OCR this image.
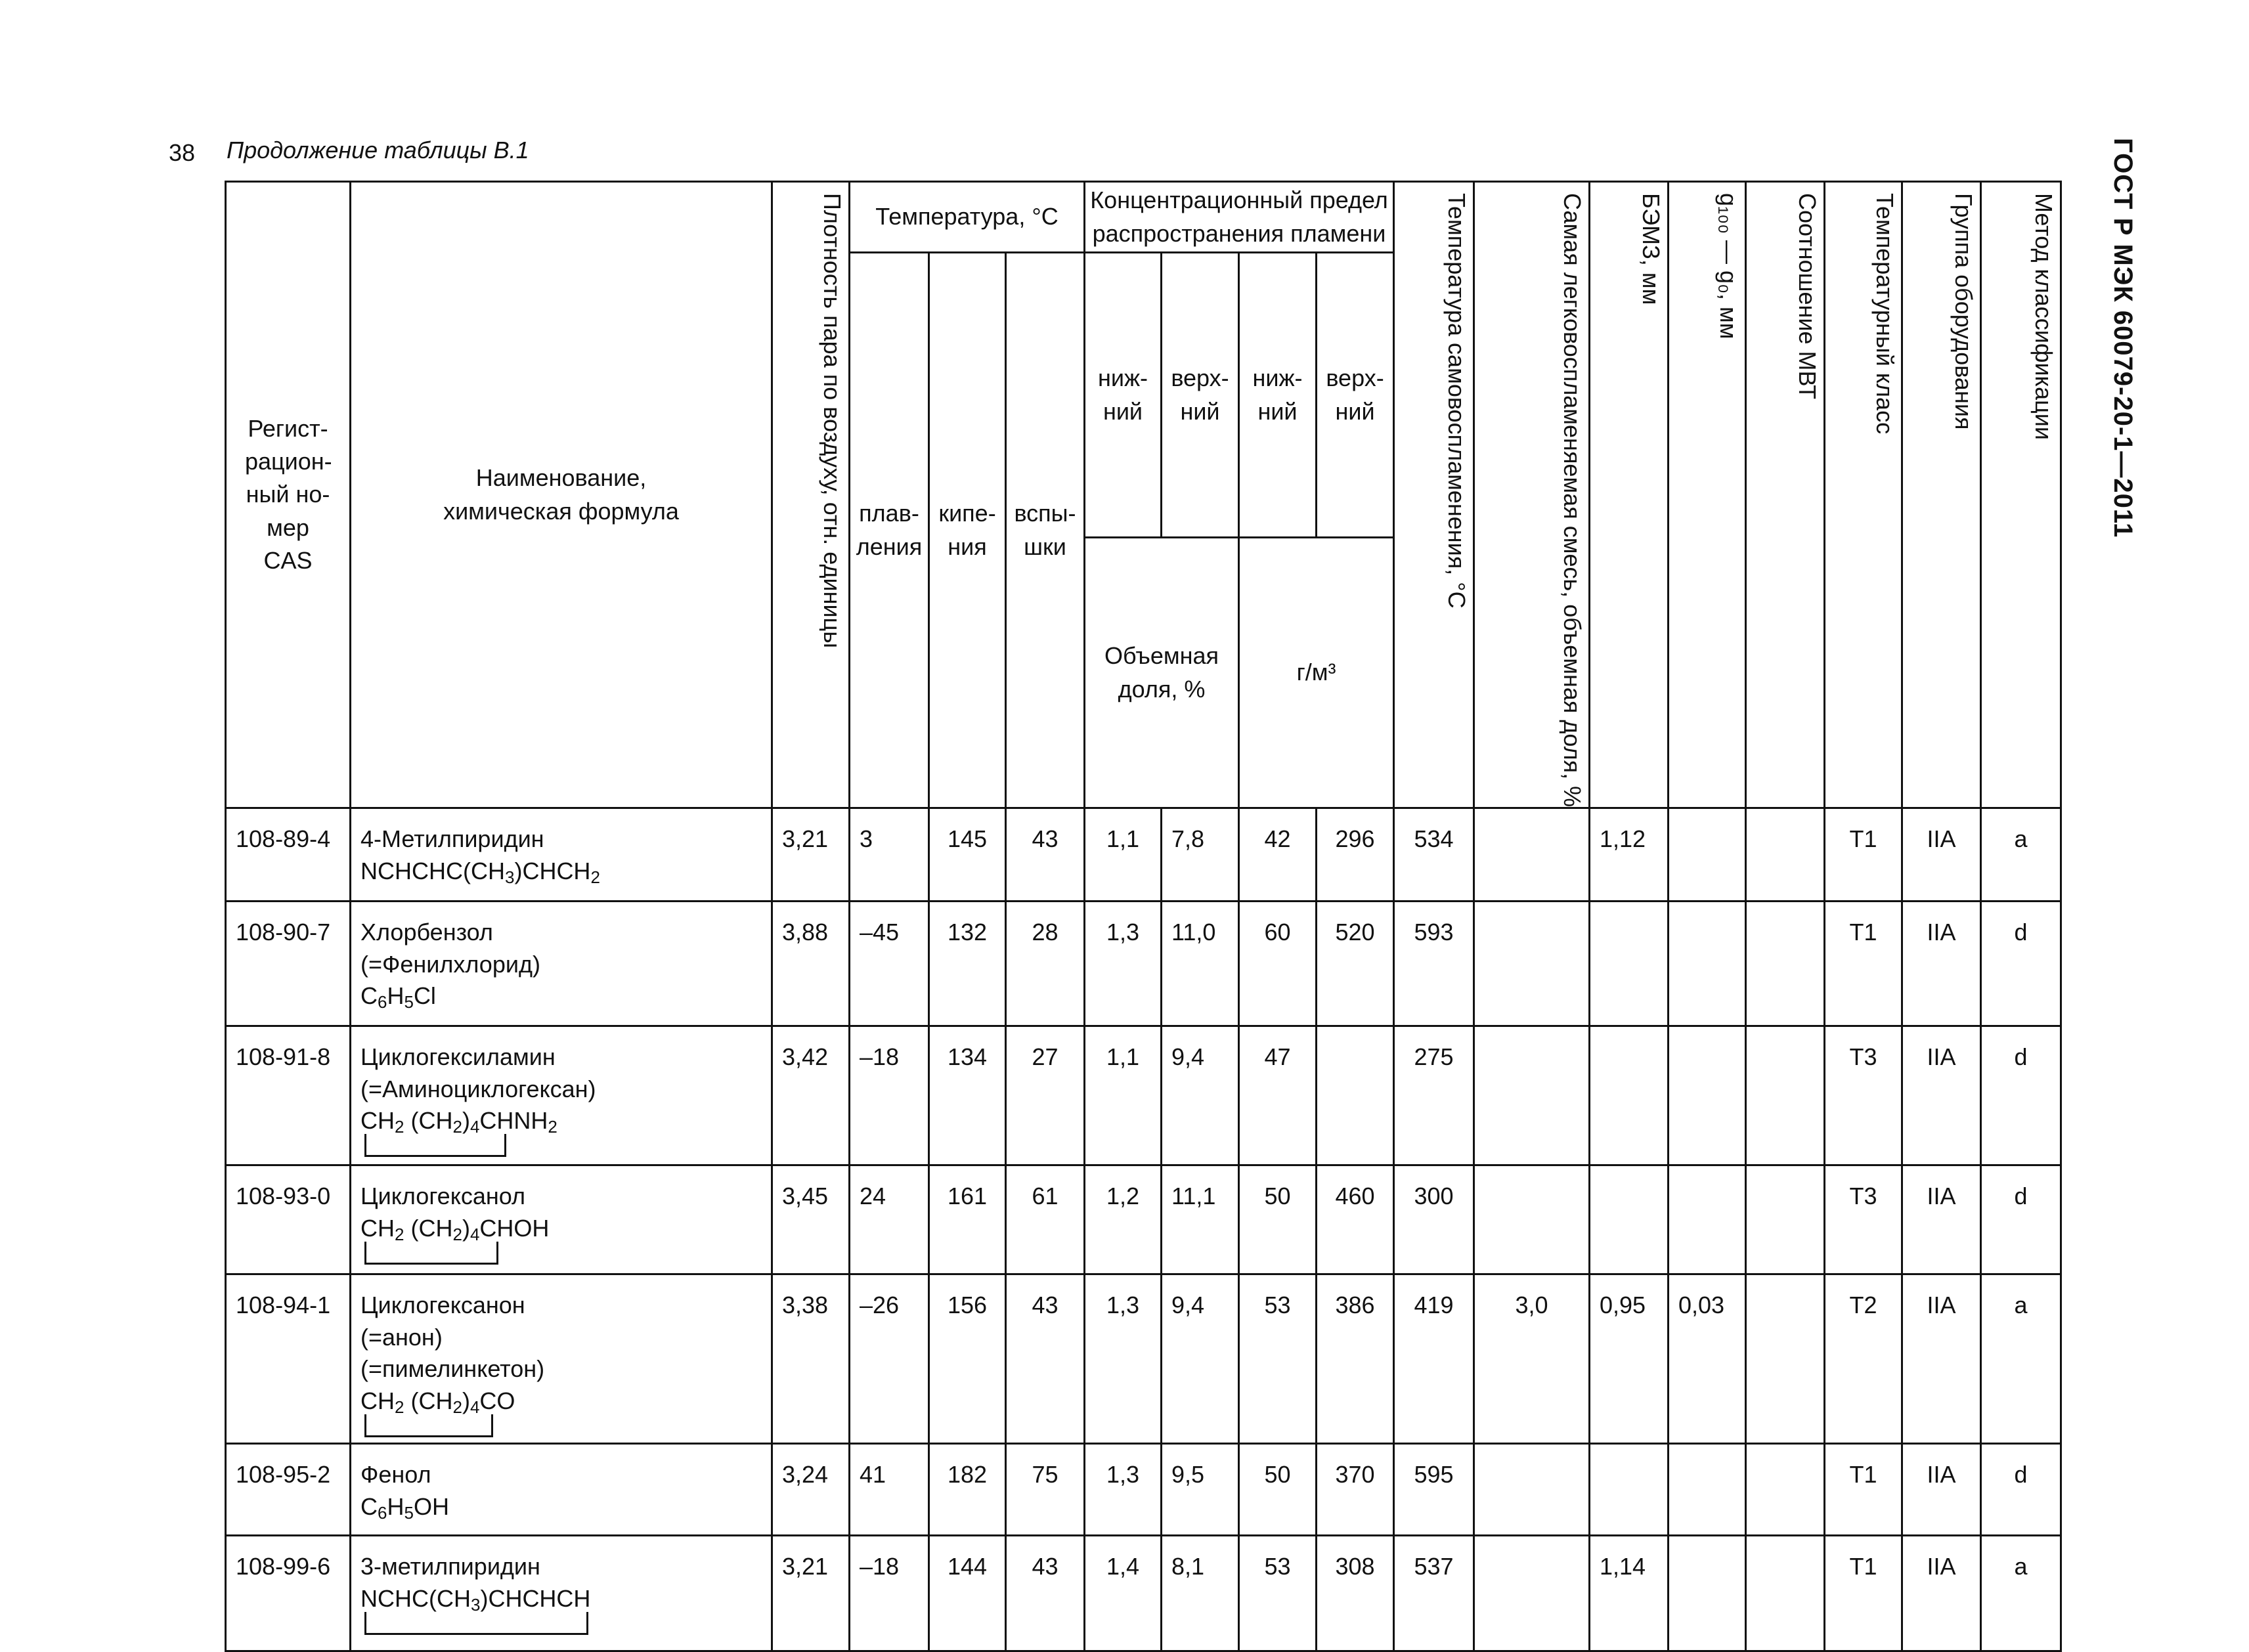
38 Продолжение таблицы В.1	ГОСТ Р МЭК 60079-20-1—2011
Регист-рацион-ный но-мер CAS	Наименование, химическая формула	Плотность пара по воздуху, отн. единицы	Температура, °С			Концентрационный предел распространения пламени				Температура самовоспламенения, °С	Самая легковоспламеняемая смесь, объемная доля, %	БЭМЗ, мм	g₁₀₀ — g₀, мм	Соотношение МВТ	Температурный класс	Группа оборудования	Метод классификации
			плав-ления	кипе-ния	вспы-шки	ниж-ний	верх-ний	ниж-ний	верх-ний								
						Объемная доля, %		г/м³									
108-89-4	4-Метилпиридин
$NCHCHC(CH_3)CHCH_2$	3,21	3	145	43	1,1	7,8	42	296	534		1,12			T1	IIA	a
108-90-7	Хлорбензол
(=Фенилхлорид)
$C_6H_5Cl$	3,88	–45	132	28	1,3	11,0	60	520	593					T1	IIA	d
108-91-8	Циклогексиламин
(=Аминоциклогексан)
$CH_2$ $(CH_2)_4CHNH_2$	3,42	–18	134	27	1,1	9,4	47		275					T3	IIA	d
108-93-0	Циклогексанол
$CH_2$ $(CH_2)_4CHOH$	3,45	24	161	61	1,2	11,1	50	460	300					T3	IIA	d
108-94-1	Циклогексанон
(=анон)
(=пимелинкетон)
$CH_2$ $(CH_2)_4CO$	3,38	–26	156	43	1,3	9,4	53	386	419	3,0	0,95	0,03		T2	IIA	a
108-95-2	Фенол
$C_6H_5OH$	3,24	41	182	75	1,3	9,5	50	370	595					T1	IIA	d
108-99-6	3-метилпиридин
$NCHC(CH_3)CHCHCH$	3,21	–18	144	43	1,4	8,1	53	308	537		1,14			T1	IIA	a
